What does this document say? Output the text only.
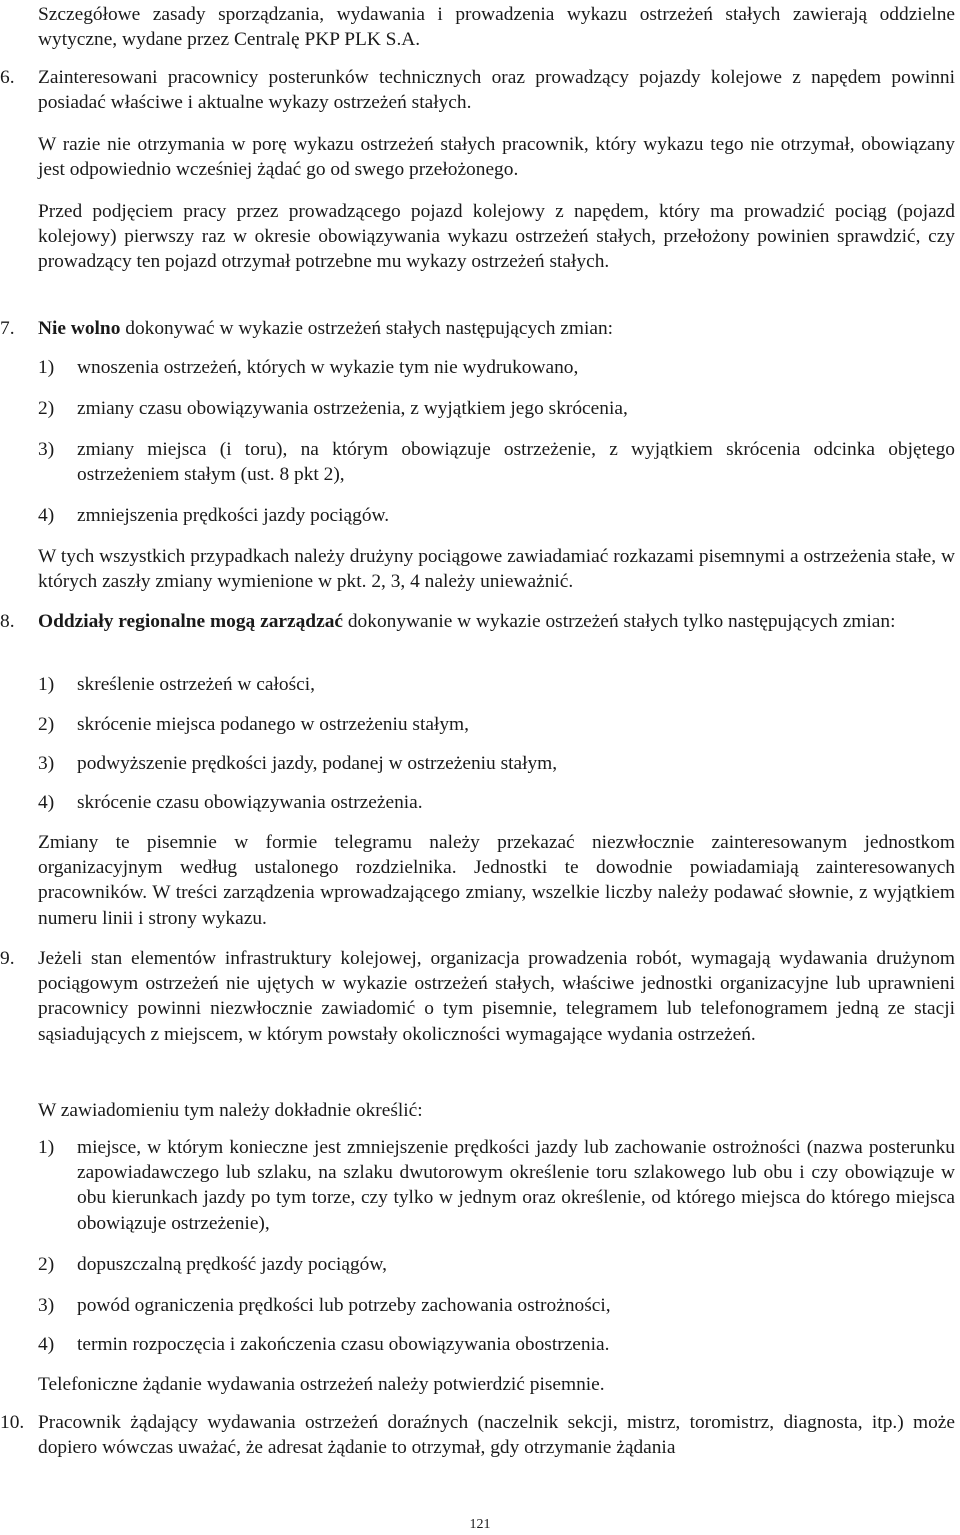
Szczegółowe zasady sporządzania, wydawania i prowadzenia wykazu ostrzeżeń stałych zawierają oddzielne wytyczne, wydane przez Centralę PKP PLK S.A.
6.	Zainteresowani pracownicy posterunków technicznych oraz prowadzący pojazdy kolejowe z napędem powinni posiadać właściwe i aktualne wykazy ostrzeżeń stałych.
W razie nie otrzymania w porę wykazu ostrzeżeń stałych pracownik, który wykazu tego nie otrzymał, obowiązany jest odpowiednio wcześniej żądać go od swego przełożonego.
Przed podjęciem pracy przez prowadzącego pojazd kolejowy z napędem, który ma prowadzić pociąg (pojazd kolejowy) pierwszy raz w okresie obowiązywania wykazu ostrzeżeń stałych, przełożony powinien sprawdzić, czy prowadzący ten pojazd otrzymał potrzebne mu wykazy ostrzeżeń stałych.
7.	Nie wolno dokonywać w wykazie ostrzeżeń stałych następujących zmian:
1)	wnoszenia ostrzeżeń, których w wykazie tym nie wydrukowano,
2)	zmiany czasu obowiązywania ostrzeżenia, z wyjątkiem jego skrócenia,
3)	zmiany miejsca (i toru), na którym obowiązuje ostrzeżenie, z wyjątkiem skrócenia odcinka objętego ostrzeżeniem stałym (ust. 8 pkt 2),
4)	zmniejszenia prędkości jazdy pociągów.
W tych wszystkich przypadkach należy drużyny pociągowe zawiadamiać rozkazami pisemnymi a ostrzeżenia stałe, w których zaszły zmiany wymienione w pkt. 2, 3, 4 należy unieważnić.
8.	Oddziały regionalne mogą zarządzać dokonywanie w wykazie ostrzeżeń stałych tylko następujących zmian:
1)	skreślenie ostrzeżeń w całości,
2)	skrócenie miejsca podanego w ostrzeżeniu stałym,
3)	podwyższenie prędkości jazdy, podanej w ostrzeżeniu stałym,
4)	skrócenie czasu obowiązywania ostrzeżenia.
Zmiany te pisemnie w formie telegramu należy przekazać niezwłocznie zainteresowanym jednostkom organizacyjnym według ustalonego rozdzielnika. Jednostki te dowodnie powiadamiają zainteresowanych pracowników. W treści zarządzenia wprowadzającego zmiany, wszelkie liczby należy podawać słownie, z wyjątkiem numeru linii i strony wykazu.
9.	Jeżeli stan elementów infrastruktury kolejowej, organizacja prowadzenia robót, wymagają wydawania drużynom pociągowym ostrzeżeń nie ujętych w wykazie ostrzeżeń stałych, właściwe jednostki organizacyjne lub uprawnieni pracownicy powinni niezwłocznie zawiadomić o tym pisemnie, telegramem lub telefonogramem jedną ze stacji sąsiadujących z miejscem, w którym powstały okoliczności wymagające wydania ostrzeżeń.
W zawiadomieniu tym należy dokładnie określić:
1)	miejsce, w którym konieczne jest zmniejszenie prędkości jazdy lub zachowanie ostrożności (nazwa posterunku zapowiadawczego lub szlaku, na szlaku dwutorowym określenie toru szlakowego lub obu i czy obowiązuje w obu kierunkach jazdy po tym torze, czy tylko w jednym oraz określenie, od którego miejsca do którego miejsca obowiązuje ostrzeżenie),
2)	dopuszczalną prędkość jazdy pociągów,
3)	powód ograniczenia prędkości lub potrzeby zachowania ostrożności,
4)	termin rozpoczęcia i zakończenia czasu obowiązywania obostrzenia.
Telefoniczne żądanie wydawania ostrzeżeń należy potwierdzić pisemnie.
10. Pracownik żądający wydawania ostrzeżeń doraźnych (naczelnik sekcji, mistrz, toromistrz, diagnosta, itp.) może dopiero wówczas uważać, że adresat żądanie to otrzymał, gdy otrzymanie żądania
121
